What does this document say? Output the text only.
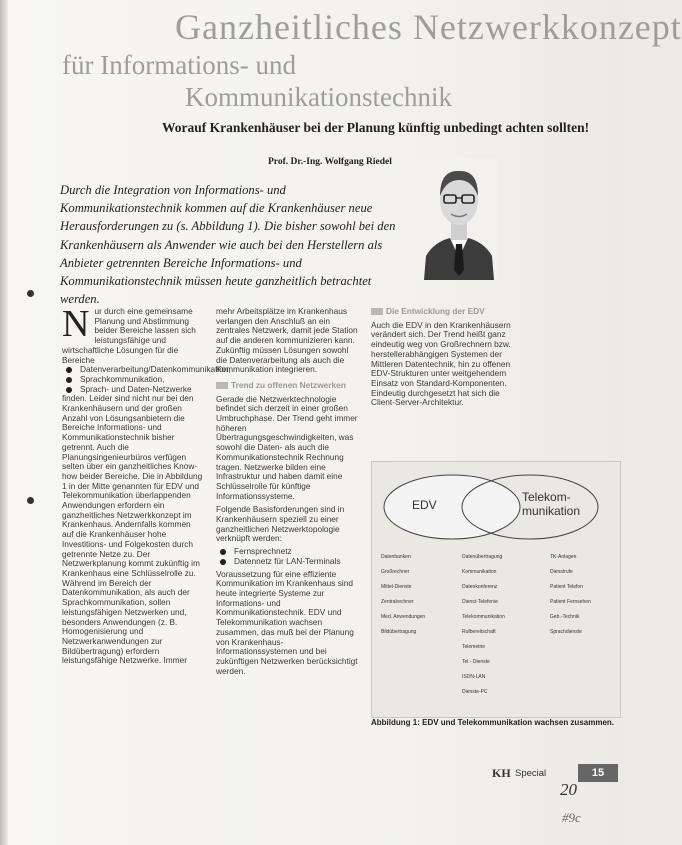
Ganzheitliches Netzwerkkonzept
für Informations- und
Kommunikationstechnik
Worauf Krankenhäuser bei der Planung künftig unbedingt achten sollten!
Prof. Dr.-Ing. Wolfgang Riedel
Durch die Integration von Informations- und Kommunikationstechnik kommen auf die Krankenhäuser neue Herausforderungen zu (s. Abbildung 1). Die bisher sowohl bei den Krankenhäusern als Anwender wie auch bei den Herstellern als Anbieter getrennten Bereiche Informations- und Kommunikationstechnik müssen heute ganzheitlich betrachtet werden.
N ur durch eine gemeinsame Planung und Abstimmung beider Bereiche lassen sich leistungsfähige und wirtschaftliche Lösungen für die Bereiche

Datenverarbeitung/Datenkommunikation,
Sprachkommunikation,
Sprach- und Daten-Netzwerke

finden. Leider sind nicht nur bei den Krankenhäusern und der großen Anzahl von Lösungsanbietern die Bereiche Informations- und Kommunikationstechnik bisher getrennt. Auch die Planungsingenieurbüros verfügen selten über ein ganzheitliches Know-how beider Bereiche. Die in Abbildung 1 in der Mitte genannten für EDV und Telekommunikation überlappenden Anwendungen erfordern ein ganzheitliches Netzwerkkonzept im Krankenhaus. Andernfalls kommen auf die Krankenhäuser hohe Investitions- und Folgekosten durch getrennte Netze zu. Der Netzwerkplanung kommt zukünftig im Krankenhaus eine Schlüsselrolle zu. Während im Bereich der Datenkommunikation, als auch der Sprachkommunikation, sollen leistungsfähigen Netzwerken und, besonders Anwendungen (z. B. Homogenisierung und Netzwerkanwendungen zur Bildübertragung) erfordern leistungsfähige Netzwerke. Immer

mehr Arbeitsplätze im Krankenhaus verlangen den Anschluß an ein zentrales Netzwerk, damit jede Station auf die anderen kommunizieren kann. Zukünftig müssen Lösungen sowohl die Datenverarbeitung als auch die Kommunikation integrieren.

Trend zu offenen Netzwerken

Gerade die Netzwerktechnologie befindet sich derzeit in einer großen Umbruchphase. Der Trend geht immer höheren Übertragungsgeschwindigkeiten, was sowohl die Daten- als auch die Kommunikationstechnik Rechnung tragen. Netzwerke bilden eine Infrastruktur und haben damit eine Schlüsselrolle für künftige Informationssysteme.

Folgende Basisforderungen sind in Krankenhäusern speziell zu einer ganzheitlichen Netzwerktopologie verknüpft werden:

Fernsprechnetz
Datennetz für LAN-Terminals

Voraussetzung für eine effiziente Kommunikation im Krankenhaus sind heute integrierte Systeme zur Informations- und Kommunikationstechnik. EDV und Telekommunikation wachsen zusammen, das muß bei der Planung von Krankenhaus-Informationssystemen und bei zukünftigen Netzwerken berücksichtigt werden.

Die Entwicklung der EDV

Auch die EDV in den Krankenhäusern verändert sich. Der Trend heißt ganz eindeutig weg von Großrechnern bzw. herstellerabhängigen Systemen der Mittleren Datentechnik, hin zu offenen EDV-Strukturen unter weitgehendem Einsatz von Standard-Komponenten.

Eindeutig durchgesetzt hat sich die Client-Server-Architektur.

EDV
Telekom-
munikation
Datenbanken
Großrechner
Mittel-Dienste
Zentralrechner
Med. Anwendungen
Bildübertragung
Datenübertragung
Kommunikation
Datenkonferenz
Dienst-Telefonie
Telekommunikation
Rufbereitschaft
Telemetrie
Tel.- Dienste
ISDN-LAN
Dienste-PC
TK-Anlagen
Dienstrufe
Patient Telefon
Patient Fernsehen
Geb.-Technik
Sprachdienste
Abbildung 1: EDV und Telekommunikation wachsen zusammen.
KH Special	15
20
#9c
